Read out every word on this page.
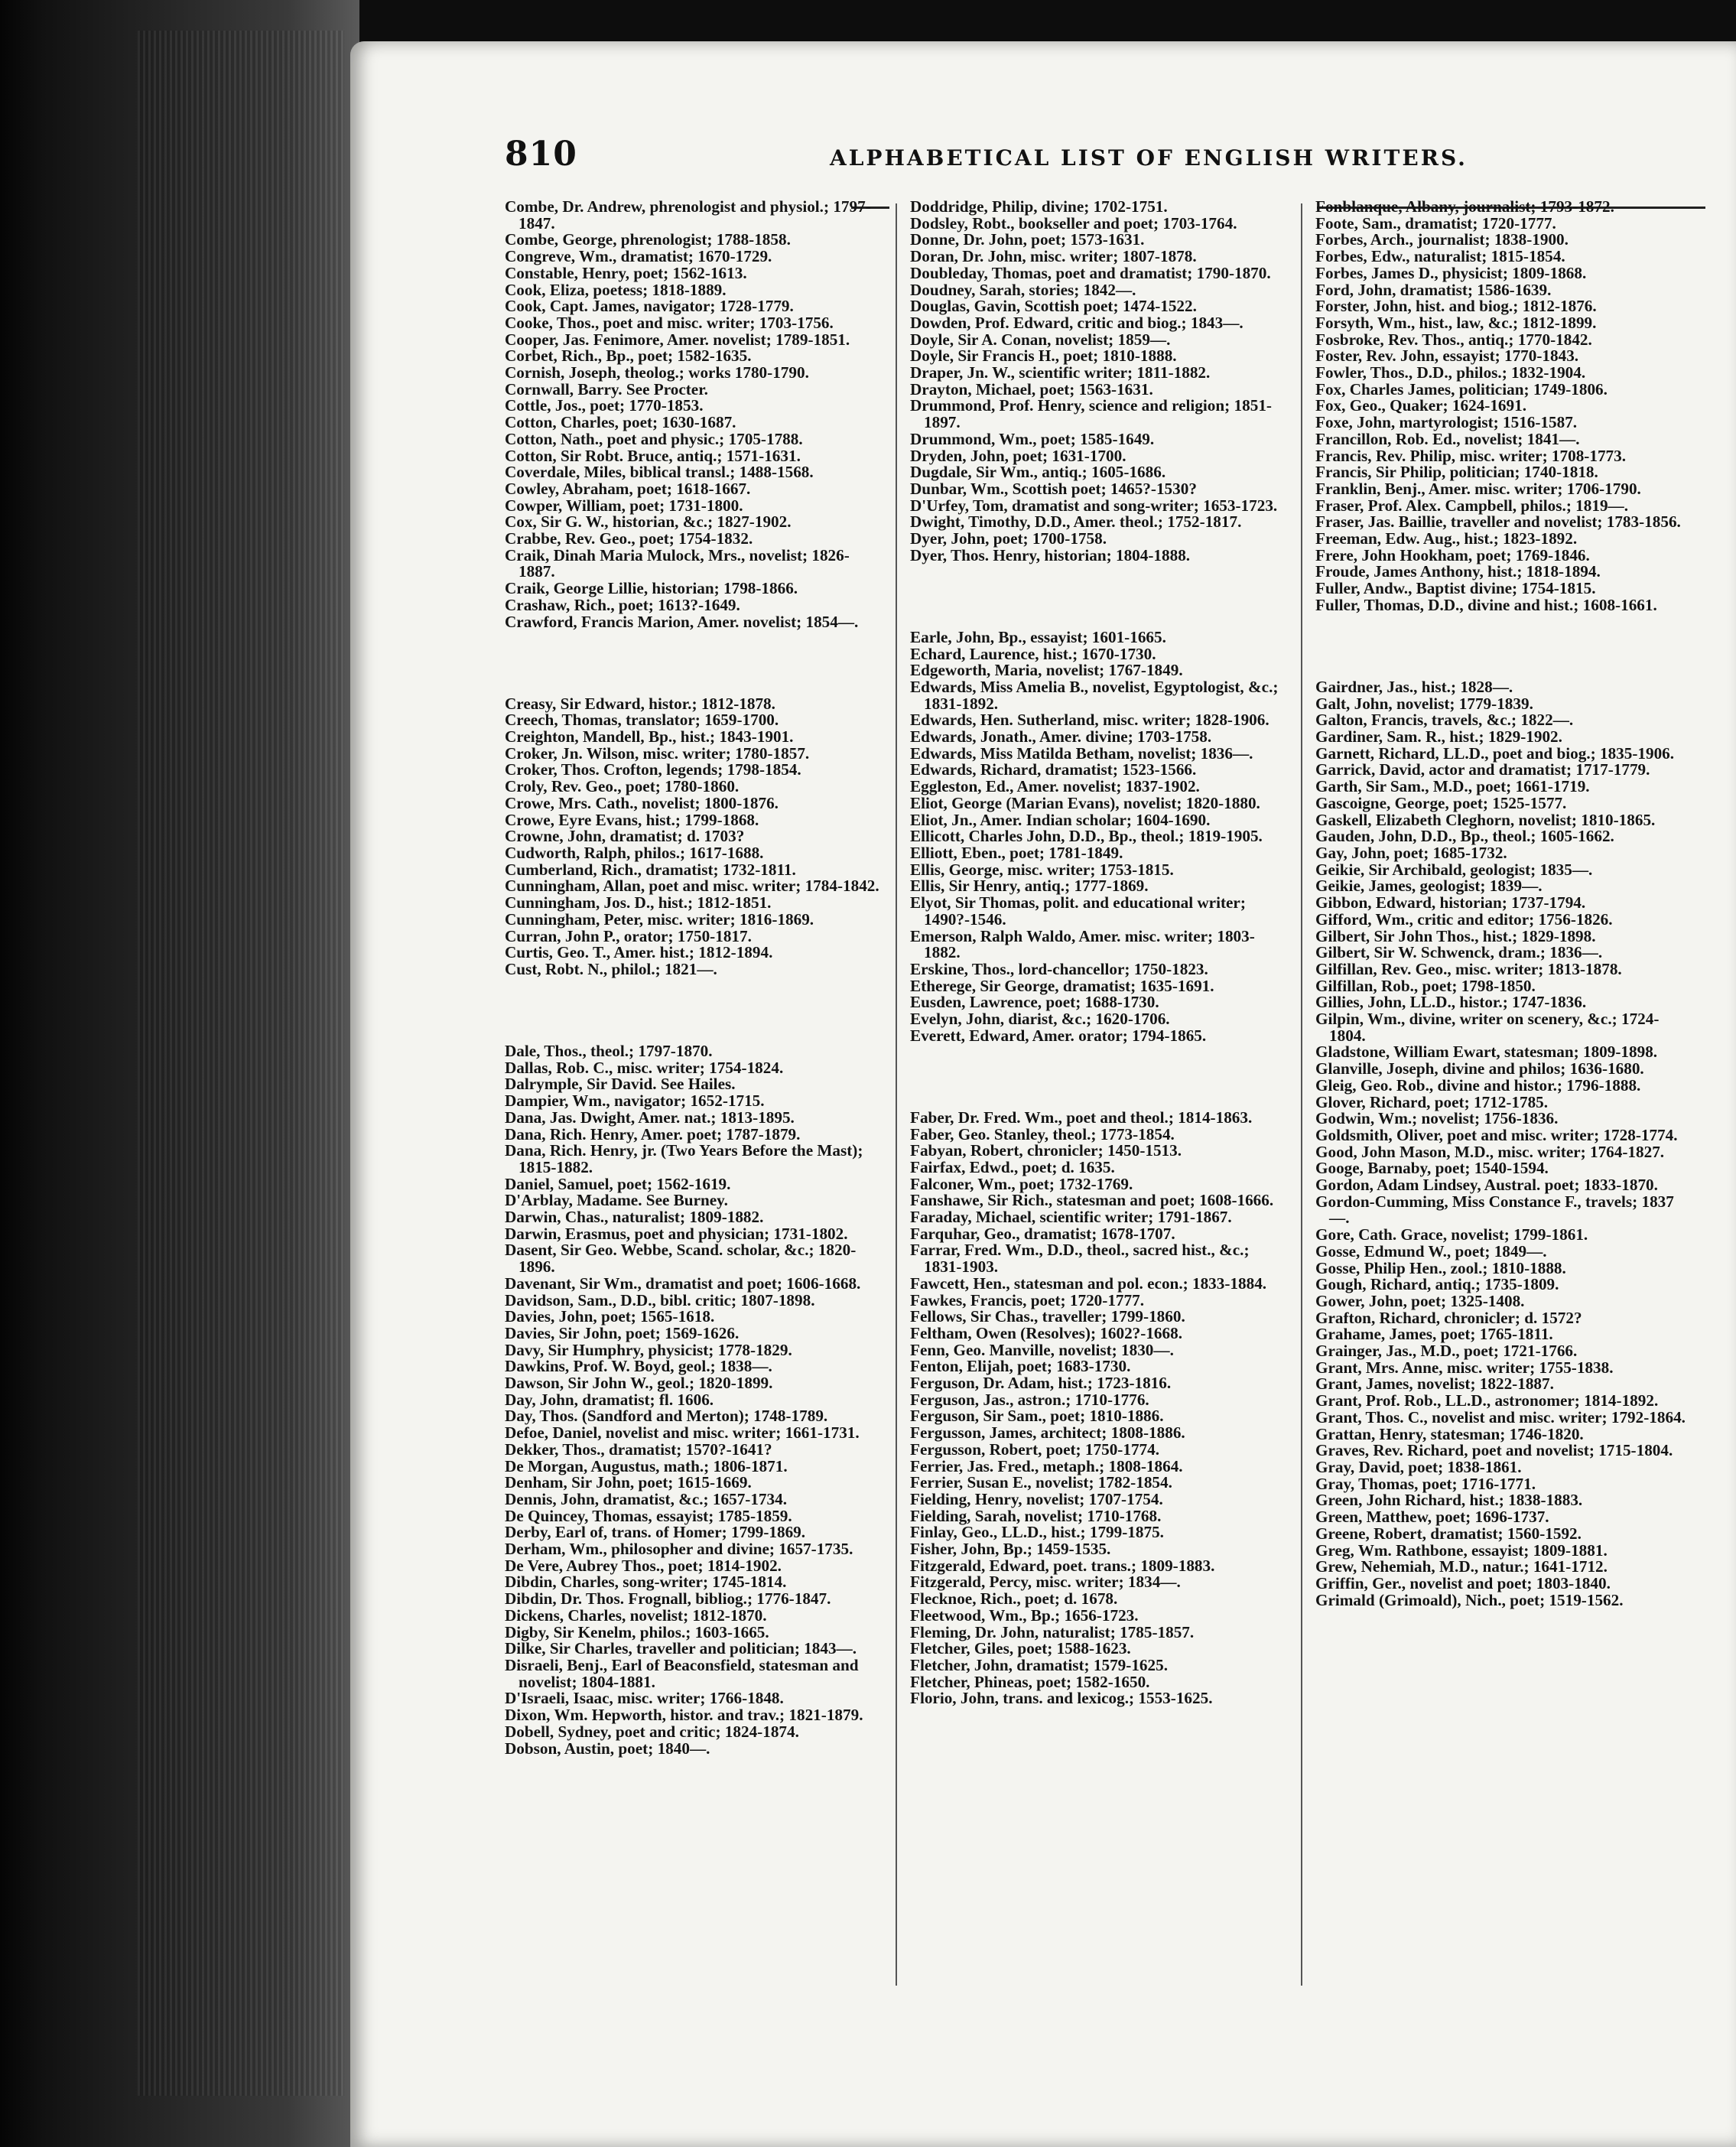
810	ALPHABETICAL LIST OF ENGLISH WRITERS.

Combe, Dr. Andrew, phrenologist and physiol.; 1797-1847.

Combe, George, phrenologist; 1788-1858.

Congreve, Wm., dramatist; 1670-1729.

Constable, Henry, poet; 1562-1613.

Cook, Eliza, poetess; 1818-1889.

Cook, Capt. James, navigator; 1728-1779.

Cooke, Thos., poet and misc. writer; 1703-1756.

Cooper, Jas. Fenimore, Amer. novelist; 1789-1851.

Corbet, Rich., Bp., poet; 1582-1635.

Cornish, Joseph, theolog.; works 1780-1790.

Cornwall, Barry. See Procter.

Cottle, Jos., poet; 1770-1853.

Cotton, Charles, poet; 1630-1687.

Cotton, Nath., poet and physic.; 1705-1788.

Cotton, Sir Robt. Bruce, antiq.; 1571-1631.

Coverdale, Miles, biblical transl.; 1488-1568.

Cowley, Abraham, poet; 1618-1667.

Cowper, William, poet; 1731-1800.

Cox, Sir G. W., historian, &c.; 1827-1902.

Crabbe, Rev. Geo., poet; 1754-1832.

Craik, Dinah Maria Mulock, Mrs., novelist; 1826-1887.

Craik, George Lillie, historian; 1798-1866.

Crashaw, Rich., poet; 1613?-1649.

Crawford, Francis Marion, Amer. novelist; 1854—.

Creasy, Sir Edward, histor.; 1812-1878.

Creech, Thomas, translator; 1659-1700.

Creighton, Mandell, Bp., hist.; 1843-1901.

Croker, Jn. Wilson, misc. writer; 1780-1857.

Croker, Thos. Crofton, legends; 1798-1854.

Croly, Rev. Geo., poet; 1780-1860.

Crowe, Mrs. Cath., novelist; 1800-1876.

Crowe, Eyre Evans, hist.; 1799-1868.

Crowne, John, dramatist; d. 1703?

Cudworth, Ralph, philos.; 1617-1688.

Cumberland, Rich., dramatist; 1732-1811.

Cunningham, Allan, poet and misc. writer; 1784-1842.

Cunningham, Jos. D., hist.; 1812-1851.

Cunningham, Peter, misc. writer; 1816-1869.

Curran, John P., orator; 1750-1817.

Curtis, Geo. T., Amer. hist.; 1812-1894.

Cust, Robt. N., philol.; 1821—.

Dale, Thos., theol.; 1797-1870.

Dallas, Rob. C., misc. writer; 1754-1824.

Dalrymple, Sir David. See Hailes.

Dampier, Wm., navigator; 1652-1715.

Dana, Jas. Dwight, Amer. nat.; 1813-1895.

Dana, Rich. Henry, Amer. poet; 1787-1879.

Dana, Rich. Henry, jr. (Two Years Before the Mast); 1815-1882.

Daniel, Samuel, poet; 1562-1619.

D'Arblay, Madame. See Burney.

Darwin, Chas., naturalist; 1809-1882.

Darwin, Erasmus, poet and physician; 1731-1802.

Dasent, Sir Geo. Webbe, Scand. scholar, &c.; 1820-1896.

Davenant, Sir Wm., dramatist and poet; 1606-1668.

Davidson, Sam., D.D., bibl. critic; 1807-1898.

Davies, John, poet; 1565-1618.

Davies, Sir John, poet; 1569-1626.

Davy, Sir Humphry, physicist; 1778-1829.

Dawkins, Prof. W. Boyd, geol.; 1838—.

Dawson, Sir John W., geol.; 1820-1899.

Day, John, dramatist; fl. 1606.

Day, Thos. (Sandford and Merton); 1748-1789.

Defoe, Daniel, novelist and misc. writer; 1661-1731.

Dekker, Thos., dramatist; 1570?-1641?

De Morgan, Augustus, math.; 1806-1871.

Denham, Sir John, poet; 1615-1669.

Dennis, John, dramatist, &c.; 1657-1734.

De Quincey, Thomas, essayist; 1785-1859.

Derby, Earl of, trans. of Homer; 1799-1869.

Derham, Wm., philosopher and divine; 1657-1735.

De Vere, Aubrey Thos., poet; 1814-1902.

Dibdin, Charles, song-writer; 1745-1814.

Dibdin, Dr. Thos. Frognall, bibliog.; 1776-1847.

Dickens, Charles, novelist; 1812-1870.

Digby, Sir Kenelm, philos.; 1603-1665.

Dilke, Sir Charles, traveller and politician; 1843—.

Disraeli, Benj., Earl of Beaconsfield, statesman and novelist; 1804-1881.

D'Israeli, Isaac, misc. writer; 1766-1848.

Dixon, Wm. Hepworth, histor. and trav.; 1821-1879.

Dobell, Sydney, poet and critic; 1824-1874.

Dobson, Austin, poet; 1840—.

Doddridge, Philip, divine; 1702-1751.

Dodsley, Robt., bookseller and poet; 1703-1764.

Donne, Dr. John, poet; 1573-1631.

Doran, Dr. John, misc. writer; 1807-1878.

Doubleday, Thomas, poet and dramatist; 1790-1870.

Doudney, Sarah, stories; 1842—.

Douglas, Gavin, Scottish poet; 1474-1522.

Dowden, Prof. Edward, critic and biog.; 1843—.

Doyle, Sir A. Conan, novelist; 1859—.

Doyle, Sir Francis H., poet; 1810-1888.

Draper, Jn. W., scientific writer; 1811-1882.

Drayton, Michael, poet; 1563-1631.

Drummond, Prof. Henry, science and religion; 1851-1897.

Drummond, Wm., poet; 1585-1649.

Dryden, John, poet; 1631-1700.

Dugdale, Sir Wm., antiq.; 1605-1686.

Dunbar, Wm., Scottish poet; 1465?-1530?

D'Urfey, Tom, dramatist and song-writer; 1653-1723.

Dwight, Timothy, D.D., Amer. theol.; 1752-1817.

Dyer, John, poet; 1700-1758.

Dyer, Thos. Henry, historian; 1804-1888.

Earle, John, Bp., essayist; 1601-1665.

Echard, Laurence, hist.; 1670-1730.

Edgeworth, Maria, novelist; 1767-1849.

Edwards, Miss Amelia B., novelist, Egyptologist, &c.; 1831-1892.

Edwards, Hen. Sutherland, misc. writer; 1828-1906.

Edwards, Jonath., Amer. divine; 1703-1758.

Edwards, Miss Matilda Betham, novelist; 1836—.

Edwards, Richard, dramatist; 1523-1566.

Eggleston, Ed., Amer. novelist; 1837-1902.

Eliot, George (Marian Evans), novelist; 1820-1880.

Eliot, Jn., Amer. Indian scholar; 1604-1690.

Ellicott, Charles John, D.D., Bp., theol.; 1819-1905.

Elliott, Eben., poet; 1781-1849.

Ellis, George, misc. writer; 1753-1815.

Ellis, Sir Henry, antiq.; 1777-1869.

Elyot, Sir Thomas, polit. and educational writer; 1490?-1546.

Emerson, Ralph Waldo, Amer. misc. writer; 1803-1882.

Erskine, Thos., lord-chancellor; 1750-1823.

Etherege, Sir George, dramatist; 1635-1691.

Eusden, Lawrence, poet; 1688-1730.

Evelyn, John, diarist, &c.; 1620-1706.

Everett, Edward, Amer. orator; 1794-1865.

Faber, Dr. Fred. Wm., poet and theol.; 1814-1863.

Faber, Geo. Stanley, theol.; 1773-1854.

Fabyan, Robert, chronicler; 1450-1513.

Fairfax, Edwd., poet; d. 1635.

Falconer, Wm., poet; 1732-1769.

Fanshawe, Sir Rich., statesman and poet; 1608-1666.

Faraday, Michael, scientific writer; 1791-1867.

Farquhar, Geo., dramatist; 1678-1707.

Farrar, Fred. Wm., D.D., theol., sacred hist., &c.; 1831-1903.

Fawcett, Hen., statesman and pol. econ.; 1833-1884.

Fawkes, Francis, poet; 1720-1777.

Fellows, Sir Chas., traveller; 1799-1860.

Feltham, Owen (Resolves); 1602?-1668.

Fenn, Geo. Manville, novelist; 1830—.

Fenton, Elijah, poet; 1683-1730.

Ferguson, Dr. Adam, hist.; 1723-1816.

Ferguson, Jas., astron.; 1710-1776.

Ferguson, Sir Sam., poet; 1810-1886.

Fergusson, James, architect; 1808-1886.

Fergusson, Robert, poet; 1750-1774.

Ferrier, Jas. Fred., metaph.; 1808-1864.

Ferrier, Susan E., novelist; 1782-1854.

Fielding, Henry, novelist; 1707-1754.

Fielding, Sarah, novelist; 1710-1768.

Finlay, Geo., LL.D., hist.; 1799-1875.

Fisher, John, Bp.; 1459-1535.

Fitzgerald, Edward, poet. trans.; 1809-1883.

Fitzgerald, Percy, misc. writer; 1834—.

Flecknoe, Rich., poet; d. 1678.

Fleetwood, Wm., Bp.; 1656-1723.

Fleming, Dr. John, naturalist; 1785-1857.

Fletcher, Giles, poet; 1588-1623.

Fletcher, John, dramatist; 1579-1625.

Fletcher, Phineas, poet; 1582-1650.

Florio, John, trans. and lexicog.; 1553-1625.

Fonblanque, Albany, journalist; 1793-1872.

Foote, Sam., dramatist; 1720-1777.

Forbes, Arch., journalist; 1838-1900.

Forbes, Edw., naturalist; 1815-1854.

Forbes, James D., physicist; 1809-1868.

Ford, John, dramatist; 1586-1639.

Forster, John, hist. and biog.; 1812-1876.

Forsyth, Wm., hist., law, &c.; 1812-1899.

Fosbroke, Rev. Thos., antiq.; 1770-1842.

Foster, Rev. John, essayist; 1770-1843.

Fowler, Thos., D.D., philos.; 1832-1904.

Fox, Charles James, politician; 1749-1806.

Fox, Geo., Quaker; 1624-1691.

Foxe, John, martyrologist; 1516-1587.

Francillon, Rob. Ed., novelist; 1841—.

Francis, Rev. Philip, misc. writer; 1708-1773.

Francis, Sir Philip, politician; 1740-1818.

Franklin, Benj., Amer. misc. writer; 1706-1790.

Fraser, Prof. Alex. Campbell, philos.; 1819—.

Fraser, Jas. Baillie, traveller and novelist; 1783-1856.

Freeman, Edw. Aug., hist.; 1823-1892.

Frere, John Hookham, poet; 1769-1846.

Froude, James Anthony, hist.; 1818-1894.

Fuller, Andw., Baptist divine; 1754-1815.

Fuller, Thomas, D.D., divine and hist.; 1608-1661.

Gairdner, Jas., hist.; 1828—.

Galt, John, novelist; 1779-1839.

Galton, Francis, travels, &c.; 1822—.

Gardiner, Sam. R., hist.; 1829-1902.

Garnett, Richard, LL.D., poet and biog.; 1835-1906.

Garrick, David, actor and dramatist; 1717-1779.

Garth, Sir Sam., M.D., poet; 1661-1719.

Gascoigne, George, poet; 1525-1577.

Gaskell, Elizabeth Cleghorn, novelist; 1810-1865.

Gauden, John, D.D., Bp., theol.; 1605-1662.

Gay, John, poet; 1685-1732.

Geikie, Sir Archibald, geologist; 1835—.

Geikie, James, geologist; 1839—.

Gibbon, Edward, historian; 1737-1794.

Gifford, Wm., critic and editor; 1756-1826.

Gilbert, Sir John Thos., hist.; 1829-1898.

Gilbert, Sir W. Schwenck, dram.; 1836—.

Gilfillan, Rev. Geo., misc. writer; 1813-1878.

Gilfillan, Rob., poet; 1798-1850.

Gillies, John, LL.D., histor.; 1747-1836.

Gilpin, Wm., divine, writer on scenery, &c.; 1724-1804.

Gladstone, William Ewart, statesman; 1809-1898.

Glanville, Joseph, divine and philos; 1636-1680.

Gleig, Geo. Rob., divine and histor.; 1796-1888.

Glover, Richard, poet; 1712-1785.

Godwin, Wm.; novelist; 1756-1836.

Goldsmith, Oliver, poet and misc. writer; 1728-1774.

Good, John Mason, M.D., misc. writer; 1764-1827.

Googe, Barnaby, poet; 1540-1594.

Gordon, Adam Lindsey, Austral. poet; 1833-1870.

Gordon-Cumming, Miss Constance F., travels; 1837—.

Gore, Cath. Grace, novelist; 1799-1861.

Gosse, Edmund W., poet; 1849—.

Gosse, Philip Hen., zool.; 1810-1888.

Gough, Richard, antiq.; 1735-1809.

Gower, John, poet; 1325-1408.

Grafton, Richard, chronicler; d. 1572?

Grahame, James, poet; 1765-1811.

Grainger, Jas., M.D., poet; 1721-1766.

Grant, Mrs. Anne, misc. writer; 1755-1838.

Grant, James, novelist; 1822-1887.

Grant, Prof. Rob., LL.D., astronomer; 1814-1892.

Grant, Thos. C., novelist and misc. writer; 1792-1864.

Grattan, Henry, statesman; 1746-1820.

Graves, Rev. Richard, poet and novelist; 1715-1804.

Gray, David, poet; 1838-1861.

Gray, Thomas, poet; 1716-1771.

Green, John Richard, hist.; 1838-1883.

Green, Matthew, poet; 1696-1737.

Greene, Robert, dramatist; 1560-1592.

Greg, Wm. Rathbone, essayist; 1809-1881.

Grew, Nehemiah, M.D., natur.; 1641-1712.

Griffin, Ger., novelist and poet; 1803-1840.

Grimald (Grimoald), Nich., poet; 1519-1562.
